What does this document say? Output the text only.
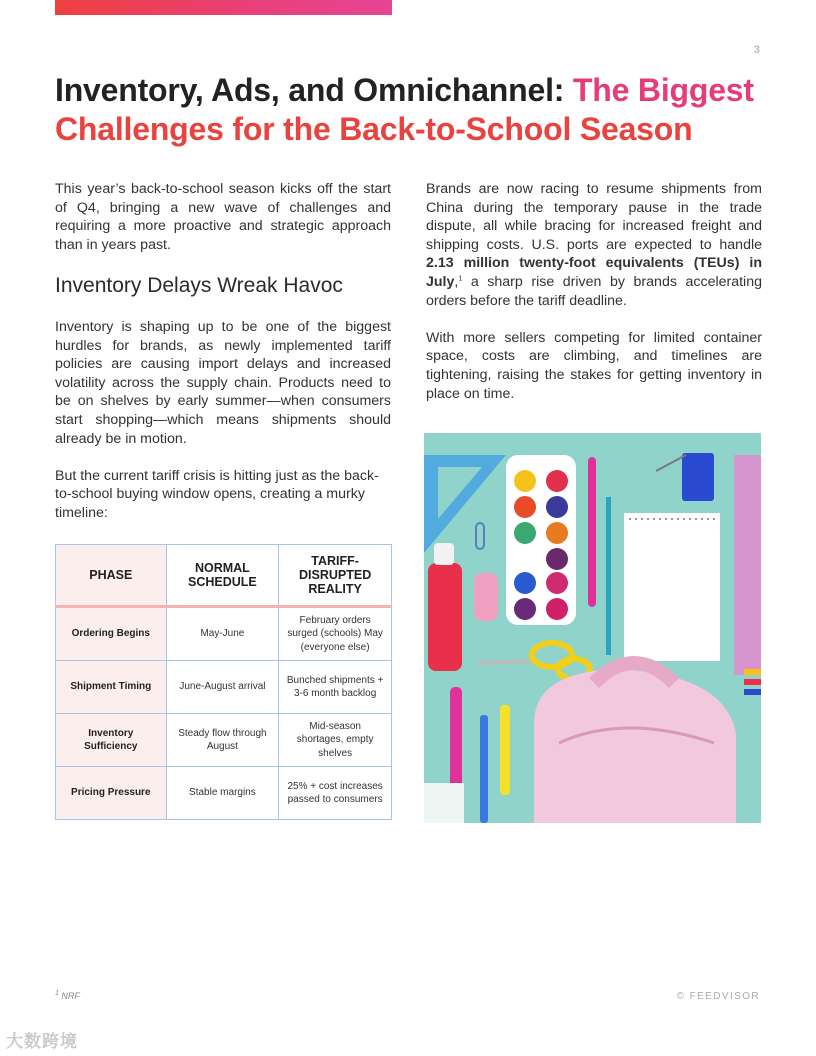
3
Inventory, Ads, and Omnichannel: The Biggest
Challenges for the Back-to-School Season

This year’s back-to-school season kicks off the start of Q4, bringing a new wave of challenges and requiring a more proactive and strategic approach than in years past.

Inventory Delays Wreak Havoc

Inventory is shaping up to be one of the biggest hurdles for brands, as newly implemented tariff policies are causing import delays and increased volatility across the supply chain. Products need to be on shelves by early summer—when consumers start shopping—which means shipments should already be in motion.

But the current tariff crisis is hitting just as the back-to-school buying window opens, creating a murky timeline:

Brands are now racing to resume shipments from China during the temporary pause in the trade dispute, all while bracing for increased freight and shipping costs. U.S. ports are expected to handle 2.13 million twenty-foot equivalents (TEUs) in July,$^1$ a sharp rise driven by brands accelerating orders before the tariff deadline.

With more sellers competing for limited container space, costs are climbing, and timelines are tightening, raising the stakes for getting inventory in place on time.

PHASE	NORMAL SCHEDULE	TARIFF-DISRUPTED REALITY
Ordering Begins	May-June	February orders surged (schools) May (everyone else)
Shipment Timing	June-August arrival	Bunched shipments + 3-6 month backlog
Inventory Sufficiency	Steady flow through August	Mid-season shortages, empty shelves
Pricing Pressure	Stable margins	25% + cost increases passed to consumers
$^1$ NRF	© FEEDVISOR
大数跨境
